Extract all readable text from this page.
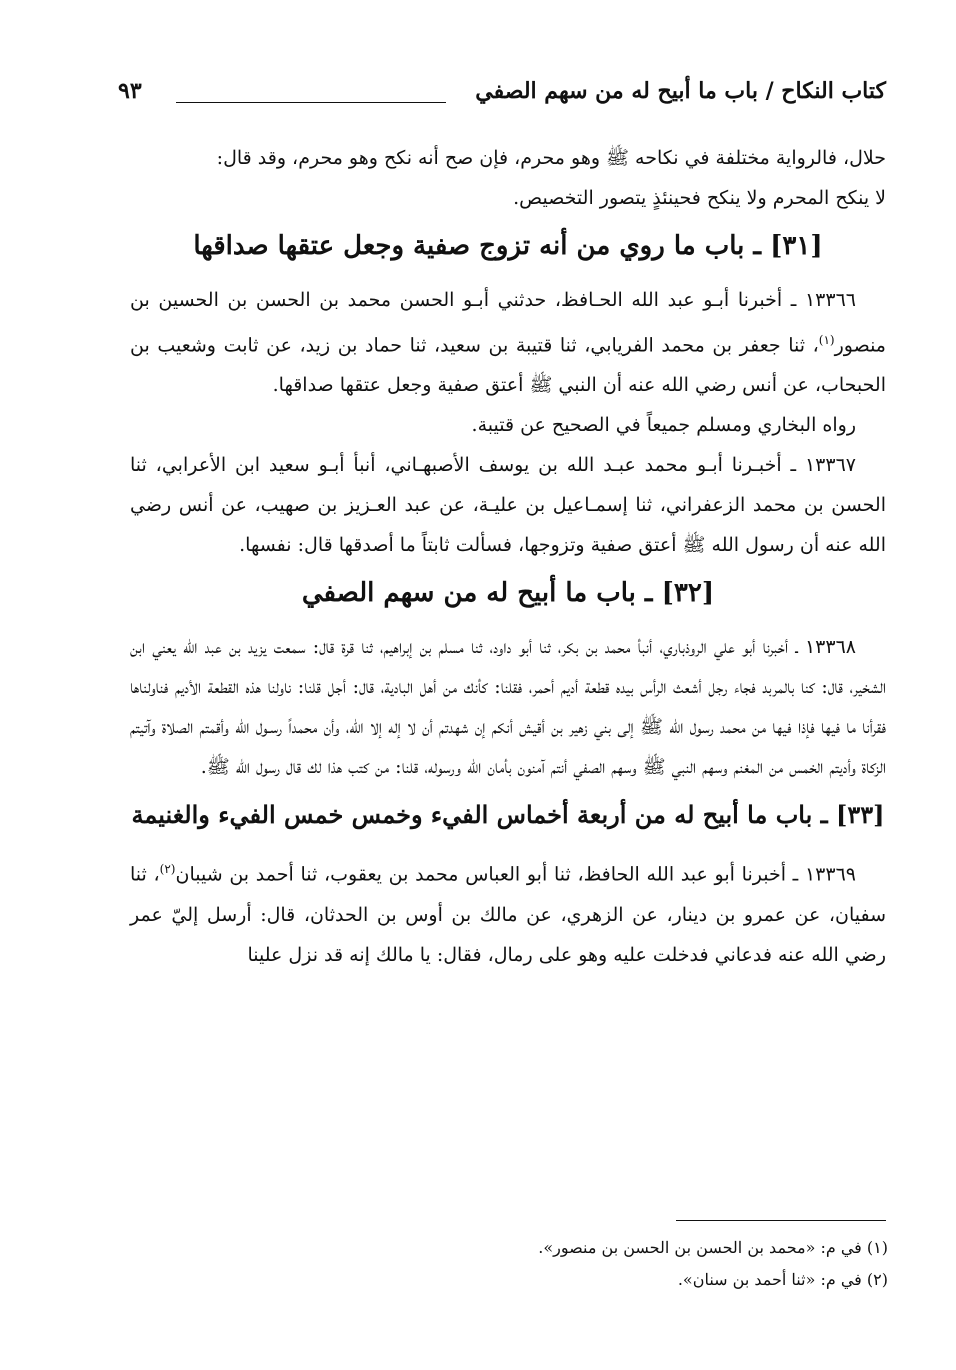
كتاب النكاح / باب ما أبيح له من سهم الصفي
٩٣

حلال، فالرواية مختلفة في نكاحه ﷺ وهو محرم، فإن صح أنه نكح وهو محرم، وقد قال:

لا ينكح المحرم ولا ينكح فحينئذٍ يتصور التخصيص.

[٣١] ـ باب ما روي من أنه تزوج صفية وجعل عتقها صداقها

١٣٣٦٦ ـ أخبرنا أبـو عبد الله الحـافظ، حدثني أبـو الحسن محمد بن الحسن بن الحسين بن منصور$^{(١)}$، ثنا جعفر بن محمد الفريابي، ثنا قتيبة بن سعيد، ثنا حماد بن زيد، عن ثابت وشعيب بن الحبحاب، عن أنس رضي الله عنه أن النبي ﷺ أعتق صفية وجعل عتقها صداقها.

رواه البخاري ومسلم جميعاً في الصحيح عن قتيبة.

١٣٣٦٧ ـ أخبـرنا أبـو محمد عبـد الله بن يوسف الأصبهـاني، أنبأ أبـو سعيد ابن الأعرابي، ثنا الحسن بن محمد الزعفراني، ثنا إسمـاعيل بن عليـة، عن عبد العـزيز بن صهيب، عن أنس رضي الله عنه أن رسول الله ﷺ أعتق صفية وتزوجها، فسألت ثابتاً ما أصدقها قال: نفسها.

[٣٢] ـ باب ما أبيح له من سهم الصفي

١٣٣٦٨ ـ أخبرنا أبو علي الروذباري، أنبأ محمد بن بكر، ثنا أبو داود، ثنا مسلم بن إبراهيم، ثنا قرة قال: سمعت يزيد بن عبد الله يعني ابن الشخير، قال: كنا بالمربد فجاء رجل أشعث الرأس بيده قطعة أديم أحمر، فقلنا: كأنك من أهل البادية، قال: أجل قلنا: ناولنا هذه القطعة الأديم فناولناها فقرأنا ما فيها فإذا فيها من محمد رسول الله ﷺ إلى بني زهير بن أقيش أنكم إن شهدتم أن لا إله إلا الله، وأن محمداً رسـول الله وأقمتم الصلاة وآتيتم الزكاة وأديتم الخمس من المغنم وسهم النبي ﷺ وسهم الصفي أنتم آمنون بأمان الله ورسوله، قلنا: من كتب هذا لك قال رسول الله ﷺ.

[٣٣] ـ باب ما أبيح له من أربعة أخماس الفيء وخمس خمس الفيء والغنيمة

١٣٣٦٩ ـ أخبرنا أبو عبد الله الحافظ، ثنا أبو العباس محمد بن يعقوب، ثنا أحمد بن شيبان$^{(٢)}$، ثنا سفيان، عن عمرو بن دينار، عن الزهري، عن مالك بن أوس بن الحدثان، قال: أرسل إليّ عمر رضي الله عنه فدعاني فدخلت عليه وهو على رمال، فقال: يا مالك إنه قد نزل علينا

(١) في م: «محمد بن الحسن بن الحسن بن منصور».
(٢) في م: «ثنا أحمد بن سنان».
